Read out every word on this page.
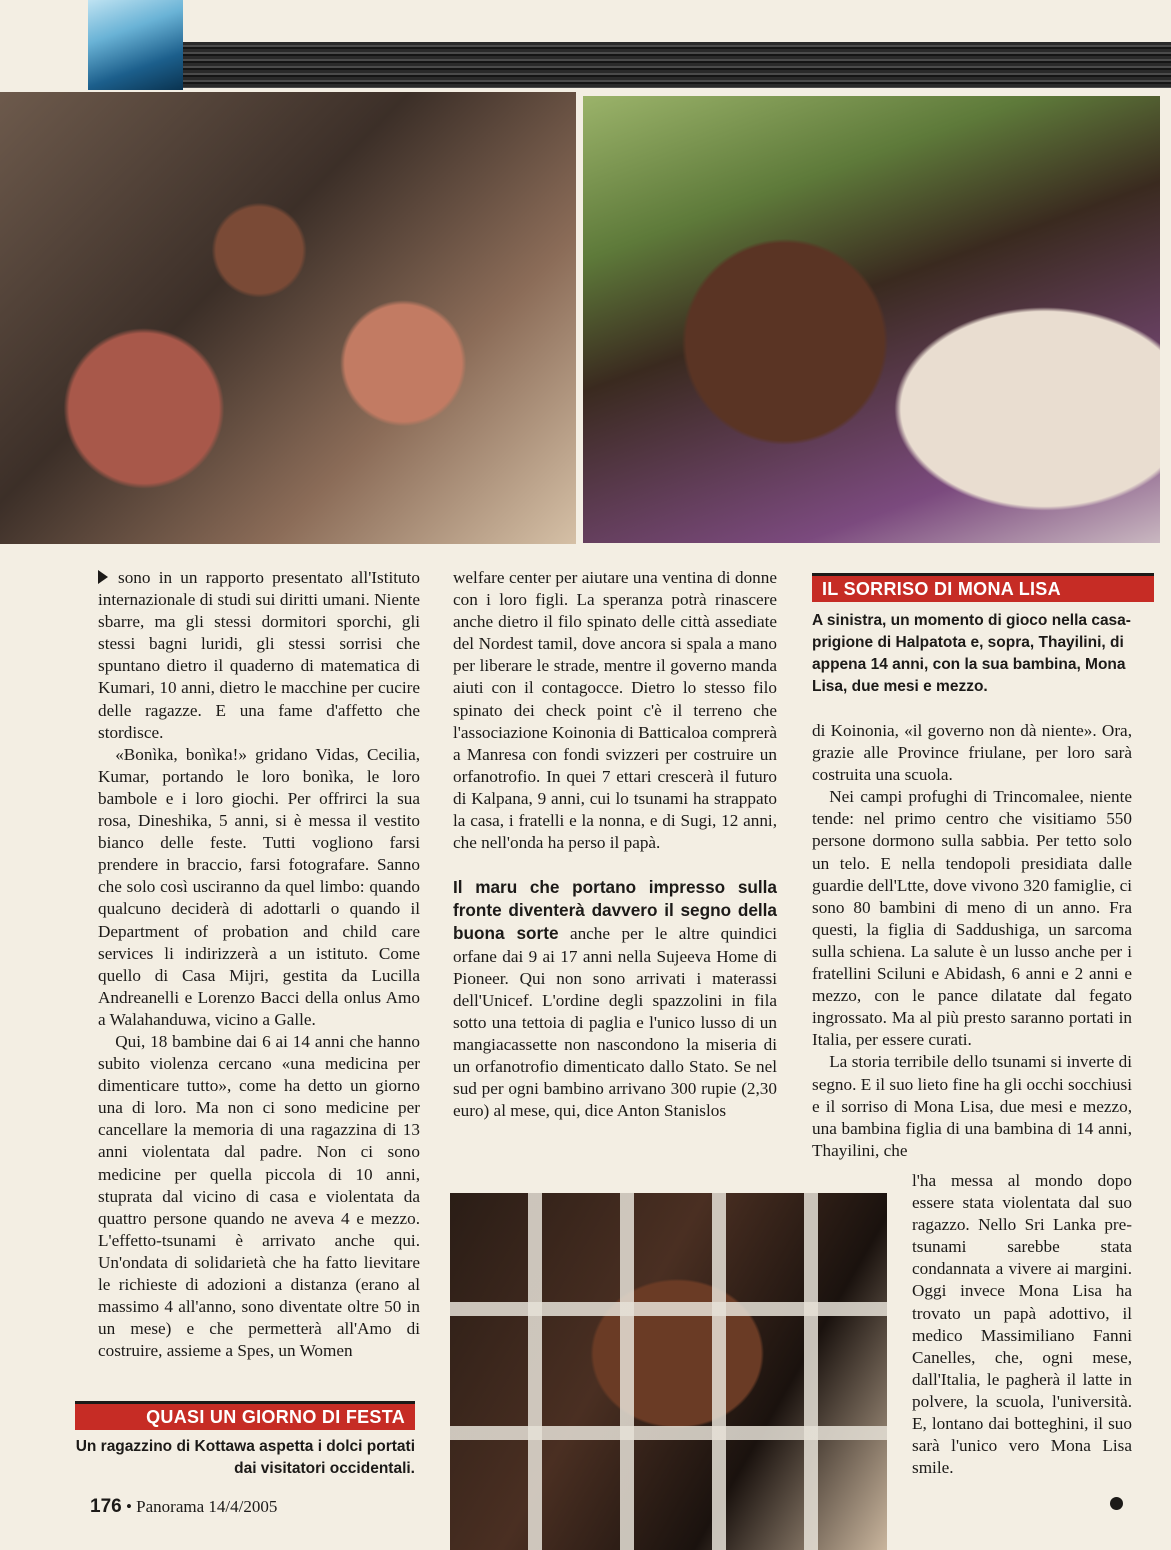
sono in un rapporto presentato all'Istituto internazionale di studi sui diritti umani. Niente sbarre, ma gli stessi dormitori sporchi, gli stessi bagni luridi, gli stessi sorrisi che spuntano dietro il quaderno di matematica di Kumari, 10 anni, dietro le macchine per cucire delle ragazze. E una fame d'affetto che stordisce.

«Bonìka, bonìka!» gridano Vidas, Cecilia, Kumar, portando le loro bonìka, le loro bambole e i loro giochi. Per offrirci la sua rosa, Dineshika, 5 anni, si è messa il vestito bianco delle feste. Tutti vogliono farsi prendere in braccio, farsi fotografare. Sanno che solo così usciranno da quel limbo: quando qualcuno deciderà di adottarli o quando il Department of probation and child care services li indirizzerà a un istituto. Come quello di Casa Mijri, gestita da Lucilla Andreanelli e Lorenzo Bacci della onlus Amo a Walahanduwa, vicino a Galle.

Qui, 18 bambine dai 6 ai 14 anni che hanno subito violenza cercano «una medicina per dimenticare tutto», come ha detto un giorno una di loro. Ma non ci sono medicine per cancellare la memoria di una ragazzina di 13 anni violentata dal padre. Non ci sono medicine per quella piccola di 10 anni, stuprata dal vicino di casa e violentata da quattro persone quando ne aveva 4 e mezzo. L'effetto-tsunami è arrivato anche qui. Un'ondata di solidarietà che ha fatto lievitare le richieste di adozioni a distanza (erano al massimo 4 all'anno, sono diventate oltre 50 in un mese) e che permetterà all'Amo di costruire, assieme a Spes, un Women

welfare center per aiutare una ventina di donne con i loro figli. La speranza potrà rinascere anche dietro il filo spinato delle città assediate del Nordest tamil, dove ancora si spala a mano per liberare le strade, mentre il governo manda aiuti con il contagocce. Dietro lo stesso filo spinato dei check point c'è il terreno che l'associazione Koinonia di Batticaloa comprerà a Manresa con fondi svizzeri per costruire un orfanotrofio. In quei 7 ettari crescerà il futuro di Kalpana, 9 anni, cui lo tsunami ha strappato la casa, i fratelli e la nonna, e di Sugi, 12 anni, che nell'onda ha perso il papà.

Il maru che portano impresso sulla fronte diventerà davvero il segno della buona sorte anche per le altre quindici orfane dai 9 ai 17 anni nella Sujeeva Home di Pioneer. Qui non sono arrivati i materassi dell'Unicef. L'ordine degli spazzolini in fila sotto una tettoia di paglia e l'unico lusso di un mangiacassette non nascondono la miseria di un orfanotrofio dimenticato dallo Stato. Se nel sud per ogni bambino arrivano 300 rupie (2,30 euro) al mese, qui, dice Anton Stanislos

IL SORRISO DI MONA LISA
A sinistra, un momento di gioco nella casa-prigione di Halpatota e, sopra, Thayilini, di appena 14 anni, con la sua bambina, Mona Lisa, due mesi e mezzo.

di Koinonia, «il governo non dà niente». Ora, grazie alle Province friulane, per loro sarà costruita una scuola.

Nei campi profughi di Trincomalee, niente tende: nel primo centro che visitiamo 550 persone dormono sulla sabbia. Per tetto solo un telo. E nella tendopoli presidiata dalle guardie dell'Ltte, dove vivono 320 famiglie, ci sono 80 bambini di meno di un anno. Fra questi, la figlia di Saddushiga, un sarcoma sulla schiena. La salute è un lusso anche per i fratellini Sciluni e Abidash, 6 anni e 2 anni e mezzo, con le pance dilatate dal fegato ingrossato. Ma al più presto saranno portati in Italia, per essere curati.

La storia terribile dello tsunami si inverte di segno. E il suo lieto fine ha gli occhi socchiusi e il sorriso di Mona Lisa, due mesi e mezzo, una bambina figlia di una bambina di 14 anni, Thayilini, che

l'ha messa al mondo dopo essere stata violentata dal suo ragazzo. Nello Sri Lanka pre-tsunami sarebbe stata condannata a vivere ai margini. Oggi invece Mona Lisa ha trovato un papà adottivo, il medico Massimiliano Fanni Canelles, che, ogni mese, dall'Italia, le pagherà il latte in polvere, la scuola, l'università. E, lontano dai botteghini, il suo sarà l'unico vero Mona Lisa smile.

QUASI UN GIORNO DI FESTA
Un ragazzino di Kottawa aspetta i dolci portati dai visitatori occidentali.
176 • Panorama 14/4/2005
